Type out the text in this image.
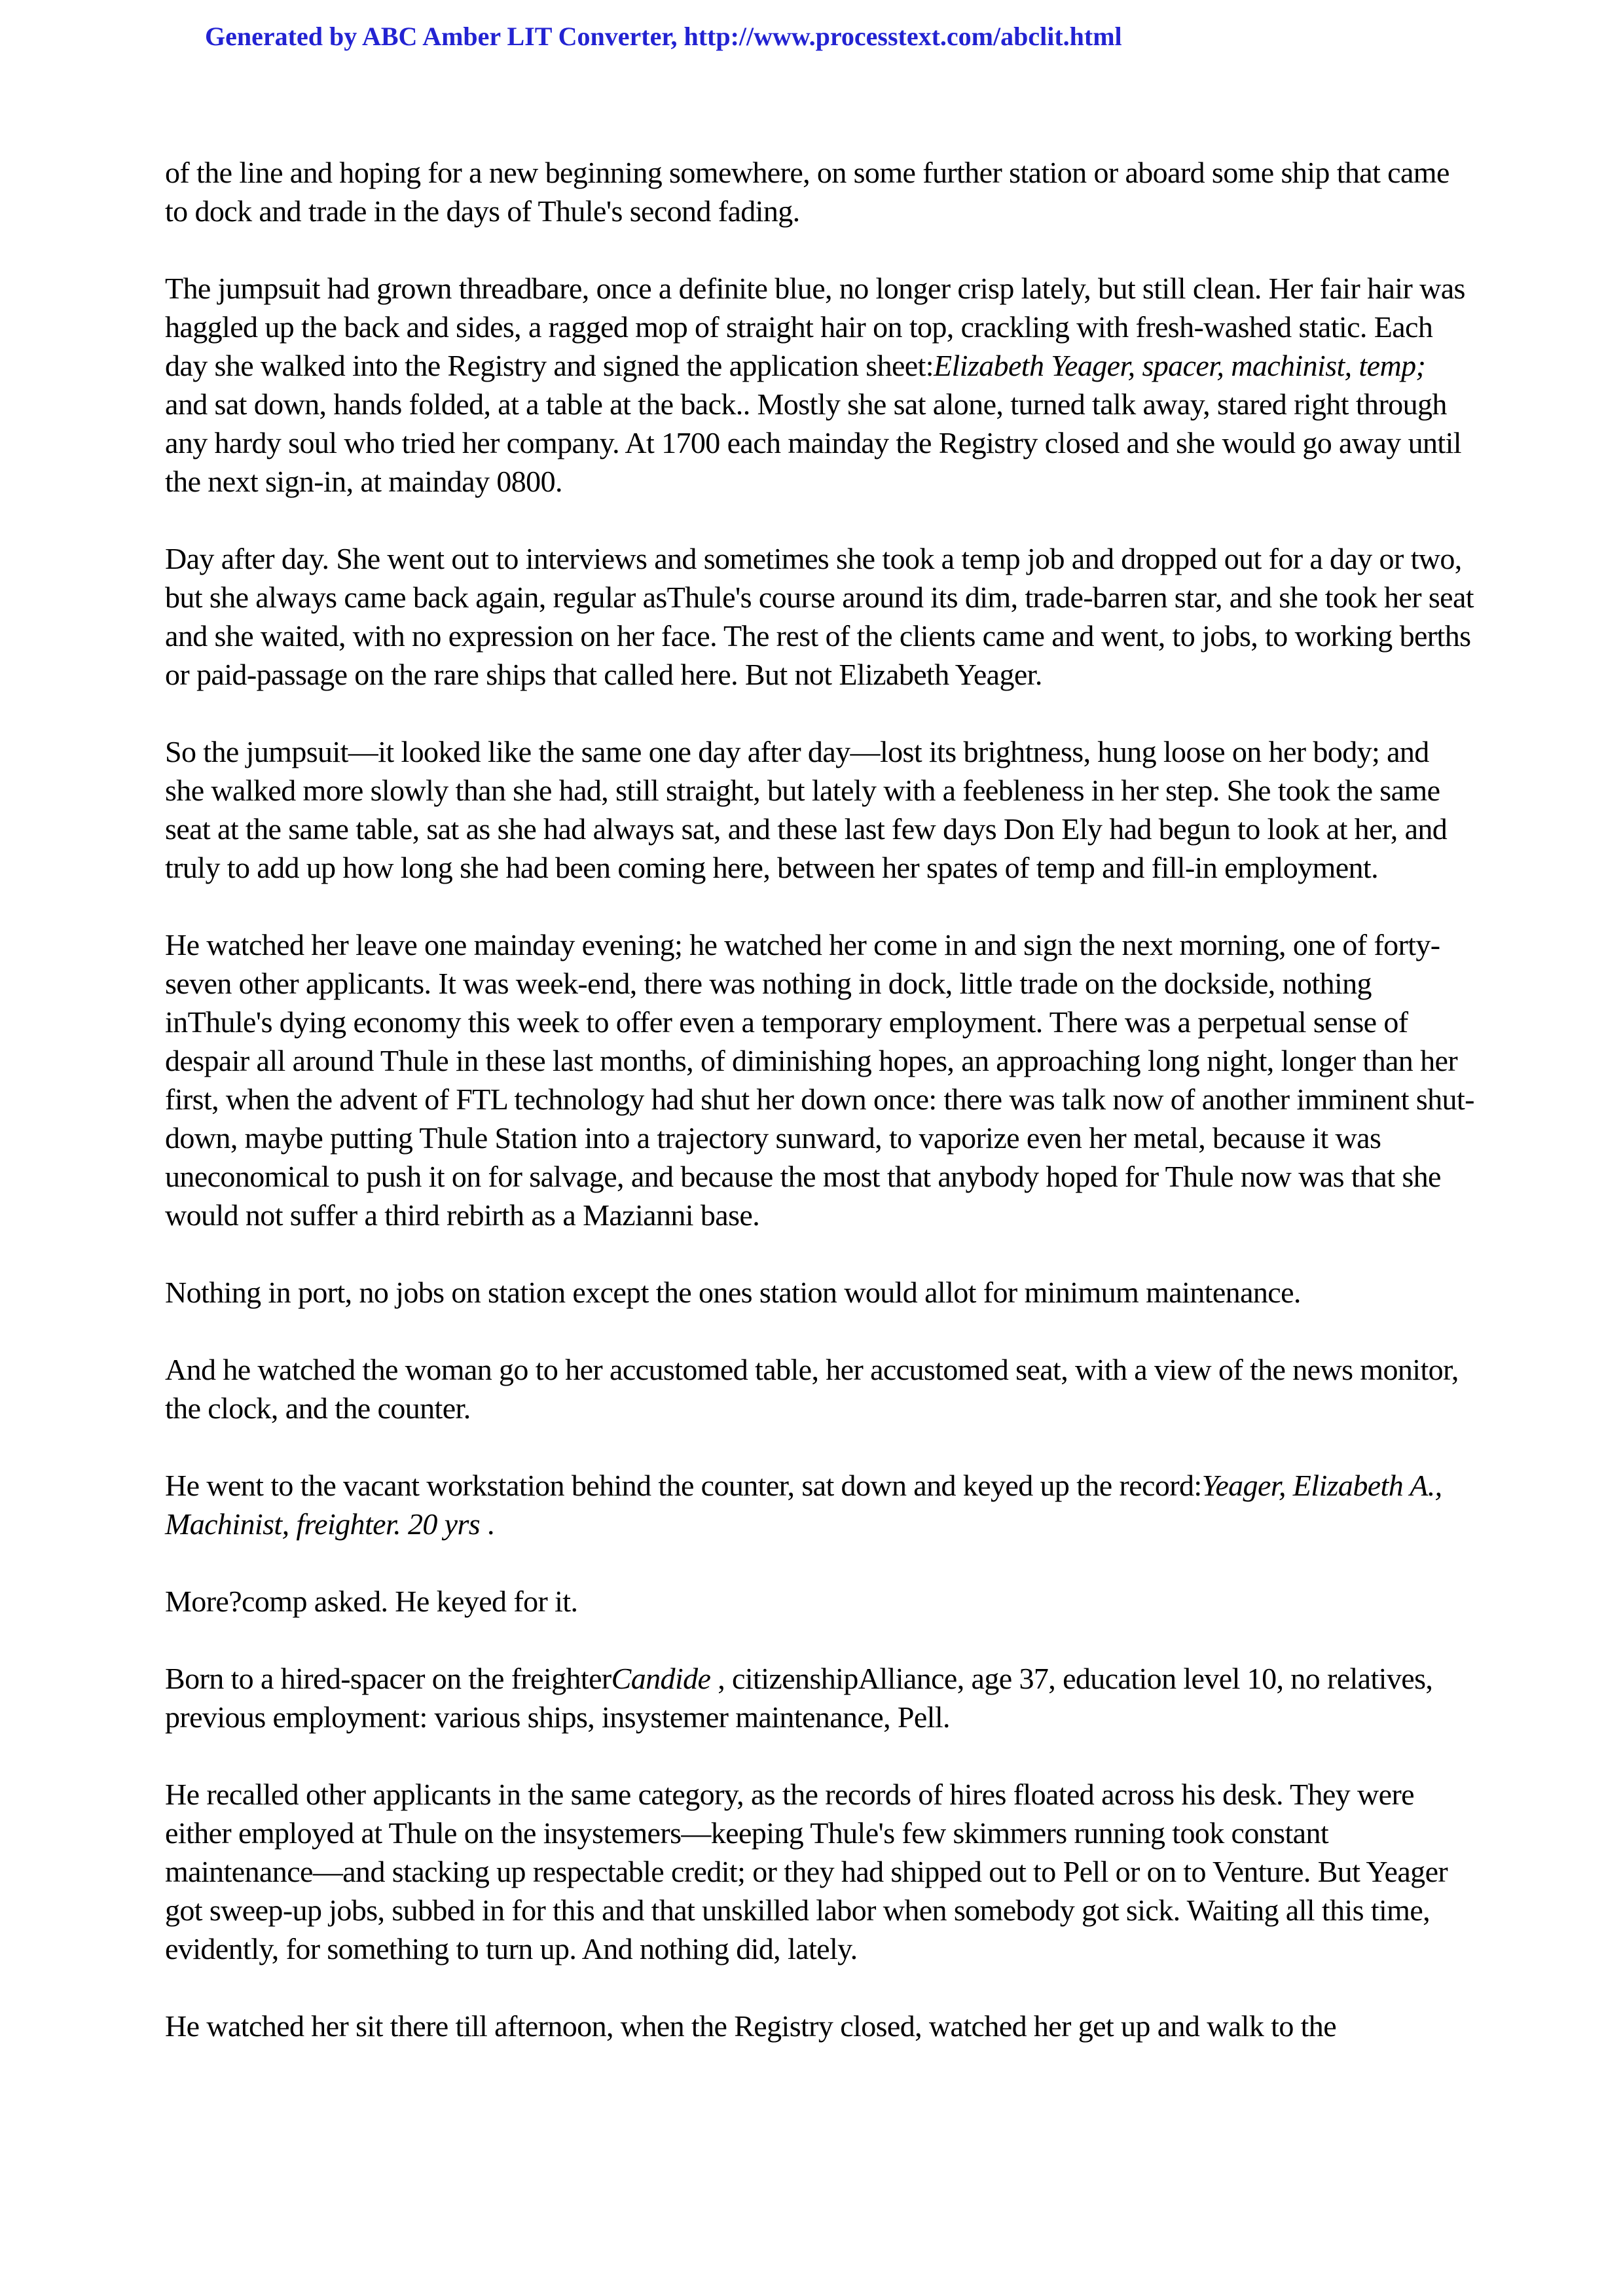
Generated by ABC Amber LIT Converter, http://www.processtext.com/abclit.html

of the line and hoping for a new beginning somewhere, on some further station or aboard some ship that came to dock and trade in the days of Thule's second fading.

The jumpsuit had grown threadbare, once a definite blue, no longer crisp lately, but still clean. Her fair hair was haggled up the back and sides, a ragged mop of straight hair on top, crackling with fresh-washed static. Each day she walked into the Registry and signed the application sheet:Elizabeth Yeager, spacer, machinist, temp; and sat down, hands folded, at a table at the back.. Mostly she sat alone, turned talk away, stared right through any hardy soul who tried her company. At 1700 each mainday the Registry closed and she would go away until the next sign-in, at mainday 0800.

Day after day. She went out to interviews and sometimes she took a temp job and dropped out for a day or two, but she always came back again, regular asThule's course around its dim, trade-barren star, and she took her seat and she waited, with no expression on her face. The rest of the clients came and went, to jobs, to working berths or paid-passage on the rare ships that called here. But not Elizabeth Yeager.

So the jumpsuit—it looked like the same one day after day—lost its brightness, hung loose on her body; and she walked more slowly than she had, still straight, but lately with a feebleness in her step. She took the same seat at the same table, sat as she had always sat, and these last few days Don Ely had begun to look at her, and truly to add up how long she had been coming here, between her spates of temp and fill-in employment.

He watched her leave one mainday evening; he watched her come in and sign the next morning, one of forty-seven other applicants. It was week-end, there was nothing in dock, little trade on the dockside, nothing inThule's dying economy this week to offer even a temporary employment. There was a perpetual sense of despair all around Thule in these last months, of diminishing hopes, an approaching long night, longer than her first, when the advent of FTL technology had shut her down once: there was talk now of another imminent shut-down, maybe putting Thule Station into a trajectory sunward, to vaporize even her metal, because it was uneconomical to push it on for salvage, and because the most that anybody hoped for Thule now was that she would not suffer a third rebirth as a Mazianni base.

Nothing in port, no jobs on station except the ones station would allot for minimum maintenance.

And he watched the woman go to her accustomed table, her accustomed seat, with a view of the news monitor, the clock, and the counter.

He went to the vacant workstation behind the counter, sat down and keyed up the record:Yeager, Elizabeth A., Machinist, freighter. 20 yrs .

More?comp asked. He keyed for it.

Born to a hired-spacer on the freighterCandide , citizenshipAlliance, age 37, education level 10, no relatives, previous employment: various ships, insystemer maintenance, Pell.

He recalled other applicants in the same category, as the records of hires floated across his desk. They were either employed at Thule on the insystemers—keeping Thule's few skimmers running took constant maintenance—and stacking up respectable credit; or they had shipped out to Pell or on to Venture. But Yeager got sweep-up jobs, subbed in for this and that unskilled labor when somebody got sick. Waiting all this time, evidently, for something to turn up. And nothing did, lately.

He watched her sit there till afternoon, when the Registry closed, watched her get up and walk to the
